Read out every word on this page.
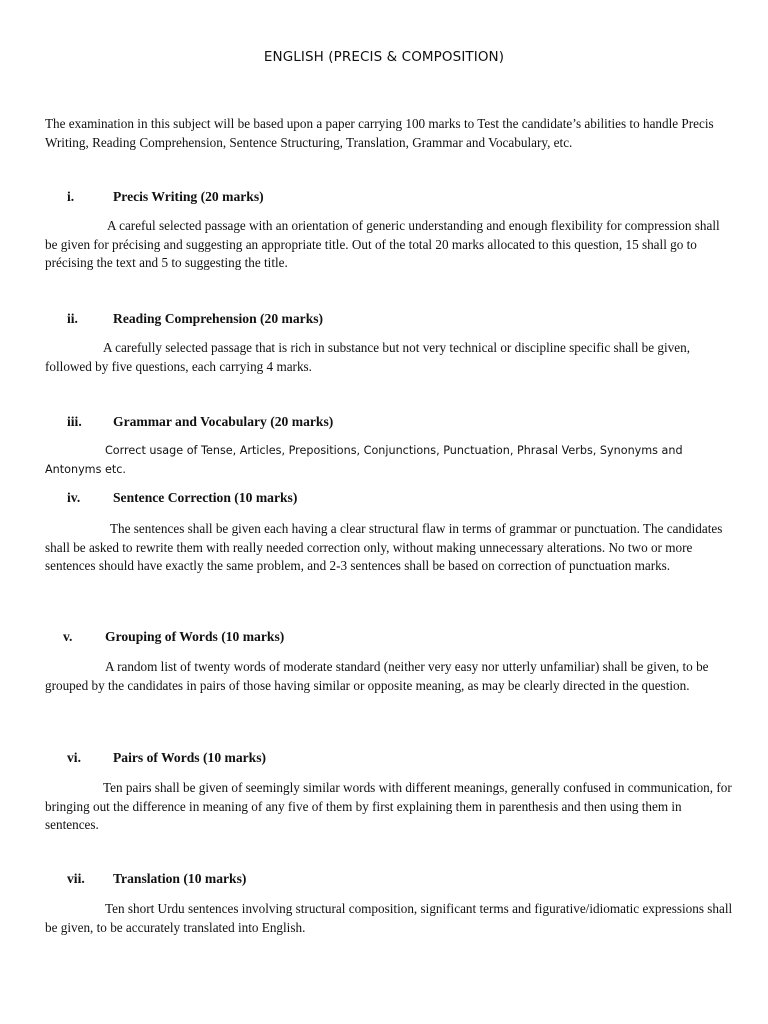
ENGLISH (PRECIS & COMPOSITION)

The examination in this subject will be based upon a paper carrying 100 marks to Test the candidate’s abilities to handle Precis Writing, Reading Comprehension, Sentence Structuring, Translation, Grammar and Vocabulary, etc.

i.	Precis Writing (20 marks)

A careful selected passage with an orientation of generic understanding and enough flexibility for compression shall be given for précising and suggesting an appropriate title. Out of the total 20 marks allocated to this question, 15 shall go to précising the text and 5 to suggesting the title.

ii.	Reading Comprehension (20 marks)

A carefully selected passage that is rich in substance but not very technical or discipline specific shall be given, followed by five questions, each carrying 4 marks.

iii. Grammar and Vocabulary (20 marks)

Correct usage of Tense, Articles, Prepositions, Conjunctions, Punctuation, Phrasal Verbs, Synonyms and Antonyms etc.

iv. Sentence Correction (10 marks)

The sentences shall be given each having a clear structural flaw in terms of grammar or punctuation. The candidates shall be asked to rewrite them with really needed correction only, without making unnecessary alterations. No two or more sentences should have exactly the same problem, and 2-3 sentences shall be based on correction of punctuation marks.

v. Grouping of Words (10 marks)

A random list of twenty words of moderate standard (neither very easy nor utterly unfamiliar) shall be given, to be grouped by the candidates in pairs of those having similar or opposite meaning, as may be clearly directed in the question.

vi. Pairs of Words (10 marks)

Ten pairs shall be given of seemingly similar words with different meanings, generally confused in communication, for bringing out the difference in meaning of any five of them by first explaining them in parenthesis and then using them in sentences.

vii. Translation (10 marks)

Ten short Urdu sentences involving structural composition, significant terms and figurative/idiomatic expressions shall be given, to be accurately translated into English.
